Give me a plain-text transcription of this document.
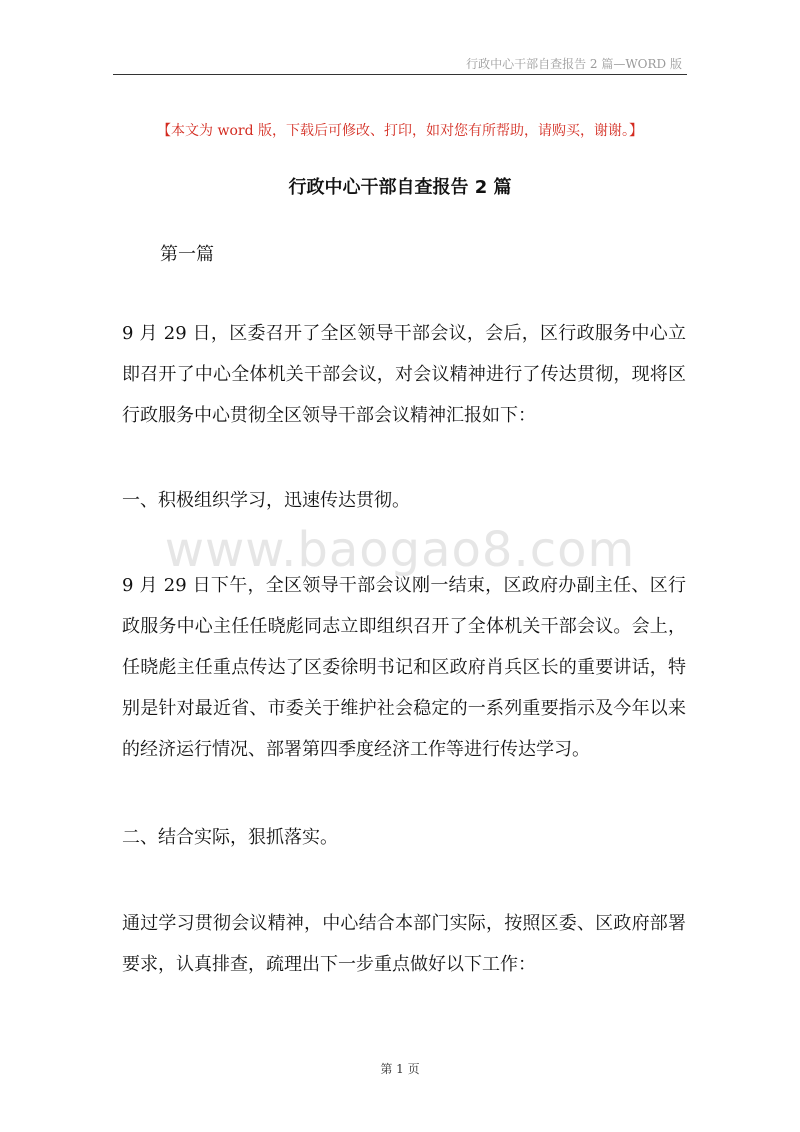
行政中心干部自查报告 2 篇—WORD 版
【本文为 word 版，下载后可修改、打印，如对您有所帮助，请购买，谢谢。】
行政中心干部自查报告 2 篇
第一篇
www.baogao8.com

9 月 29 日，区委召开了全区领导干部会议，会后，区行政服务中心立即召开了中心全体机关干部会议，对会议精神进行了传达贯彻，现将区行政服务中心贯彻全区领导干部会议精神汇报如下：

一、积极组织学习，迅速传达贯彻。

9 月 29 日下午，全区领导干部会议刚一结束，区政府办副主任、区行政服务中心主任任晓彪同志立即组织召开了全体机关干部会议。会上，任晓彪主任重点传达了区委徐明书记和区政府肖兵区长的重要讲话，特别是针对最近省、市委关于维护社会稳定的一系列重要指示及今年以来的经济运行情况、部署第四季度经济工作等进行传达学习。

二、结合实际，狠抓落实。

通过学习贯彻会议精神，中心结合本部门实际，按照区委、区政府部署要求，认真排查，疏理出下一步重点做好以下工作：

第 1 页
